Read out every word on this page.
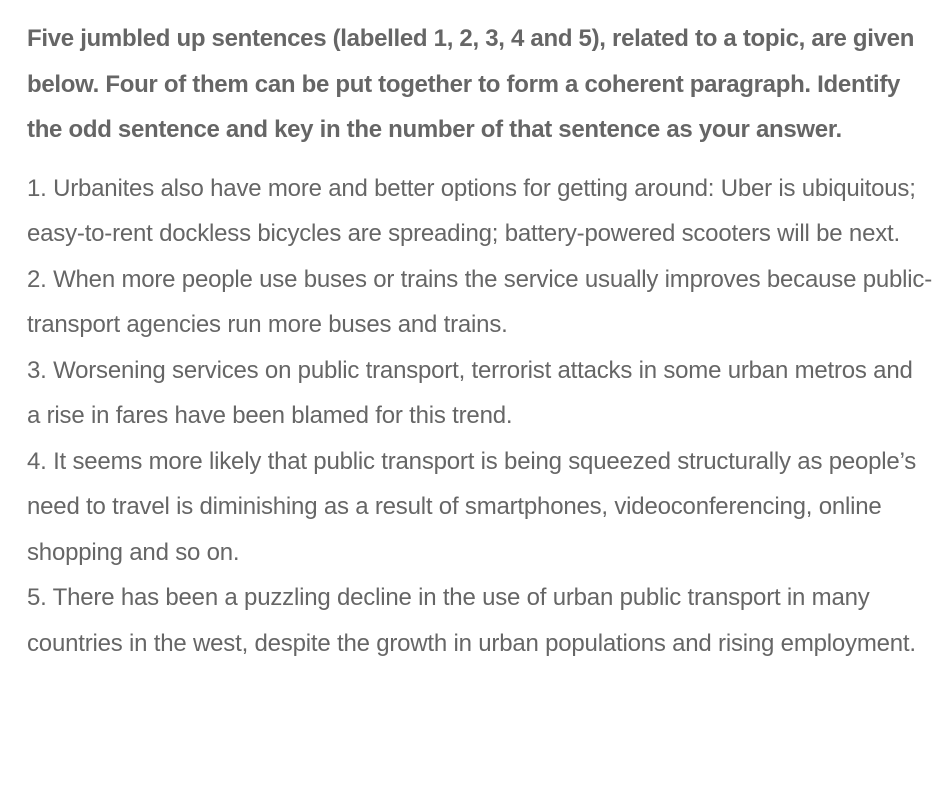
Five jumbled up sentences (labelled 1, 2, 3, 4 and 5), related to a topic, are given below. Four of them can be put together to form a coherent paragraph. Identify the odd sentence and key in the number of that sentence as your answer.

1. Urbanites also have more and better options for getting around: Uber is ubiquitous; easy-to-rent dockless bicycles are spreading; battery-powered scooters will be next.
2. When more people use buses or trains the service usually improves because public-transport agencies run more buses and trains.
3. Worsening services on public transport, terrorist attacks in some urban metros and a rise in fares have been blamed for this trend.
4. It seems more likely that public transport is being squeezed structurally as people’s need to travel is diminishing as a result of smartphones, videoconferencing, online shopping and so on.
5. There has been a puzzling decline in the use of urban public transport in many countries in the west, despite the growth in urban populations and rising employment.
